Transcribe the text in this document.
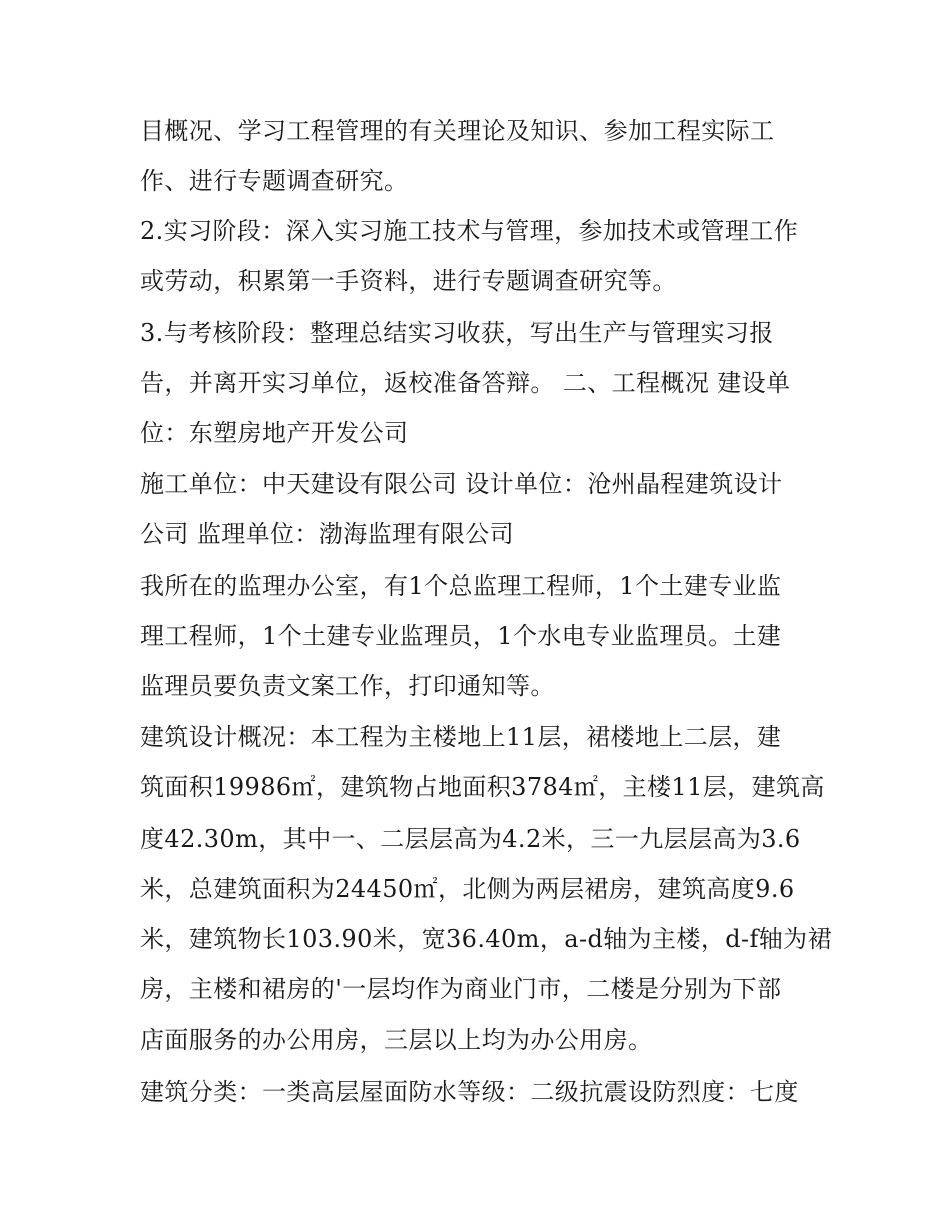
目概况、学习工程管理的有关理论及知识、参加工程实际工
作、进行专题调查研究。
2.实习阶段：深入实习施工技术与管理，参加技术或管理工作
或劳动，积累第一手资料，进行专题调查研究等。
3.与考核阶段：整理总结实习收获，写出生产与管理实习报
告，并离开实习单位，返校准备答辩。 二、工程概况 建设单
位：东塑房地产开发公司
施工单位：中天建设有限公司 设计单位：沧州晶程建筑设计
公司 监理单位：渤海监理有限公司
我所在的监理办公室，有1个总监理工程师，1个土建专业监
理工程师，1个土建专业监理员，1个水电专业监理员。土建
监理员要负责文案工作，打印通知等。
建筑设计概况：本工程为主楼地上11层，裙楼地上二层，建
筑面积19986㎡，建筑物占地面积3784㎡，主楼11层，建筑高
度42.30m，其中一、二层层高为4.2米，三一九层层高为3.6
米，总建筑面积为24450㎡，北侧为两层裙房，建筑高度9.6
米，建筑物长103.90米，宽36.40m，a-d轴为主楼，d-f轴为裙
房，主楼和裙房的'一层均作为商业门市，二楼是分别为下部
店面服务的办公用房，三层以上均为办公用房。
建筑分类：一类高层屋面防水等级：二级抗震设防烈度：七度
